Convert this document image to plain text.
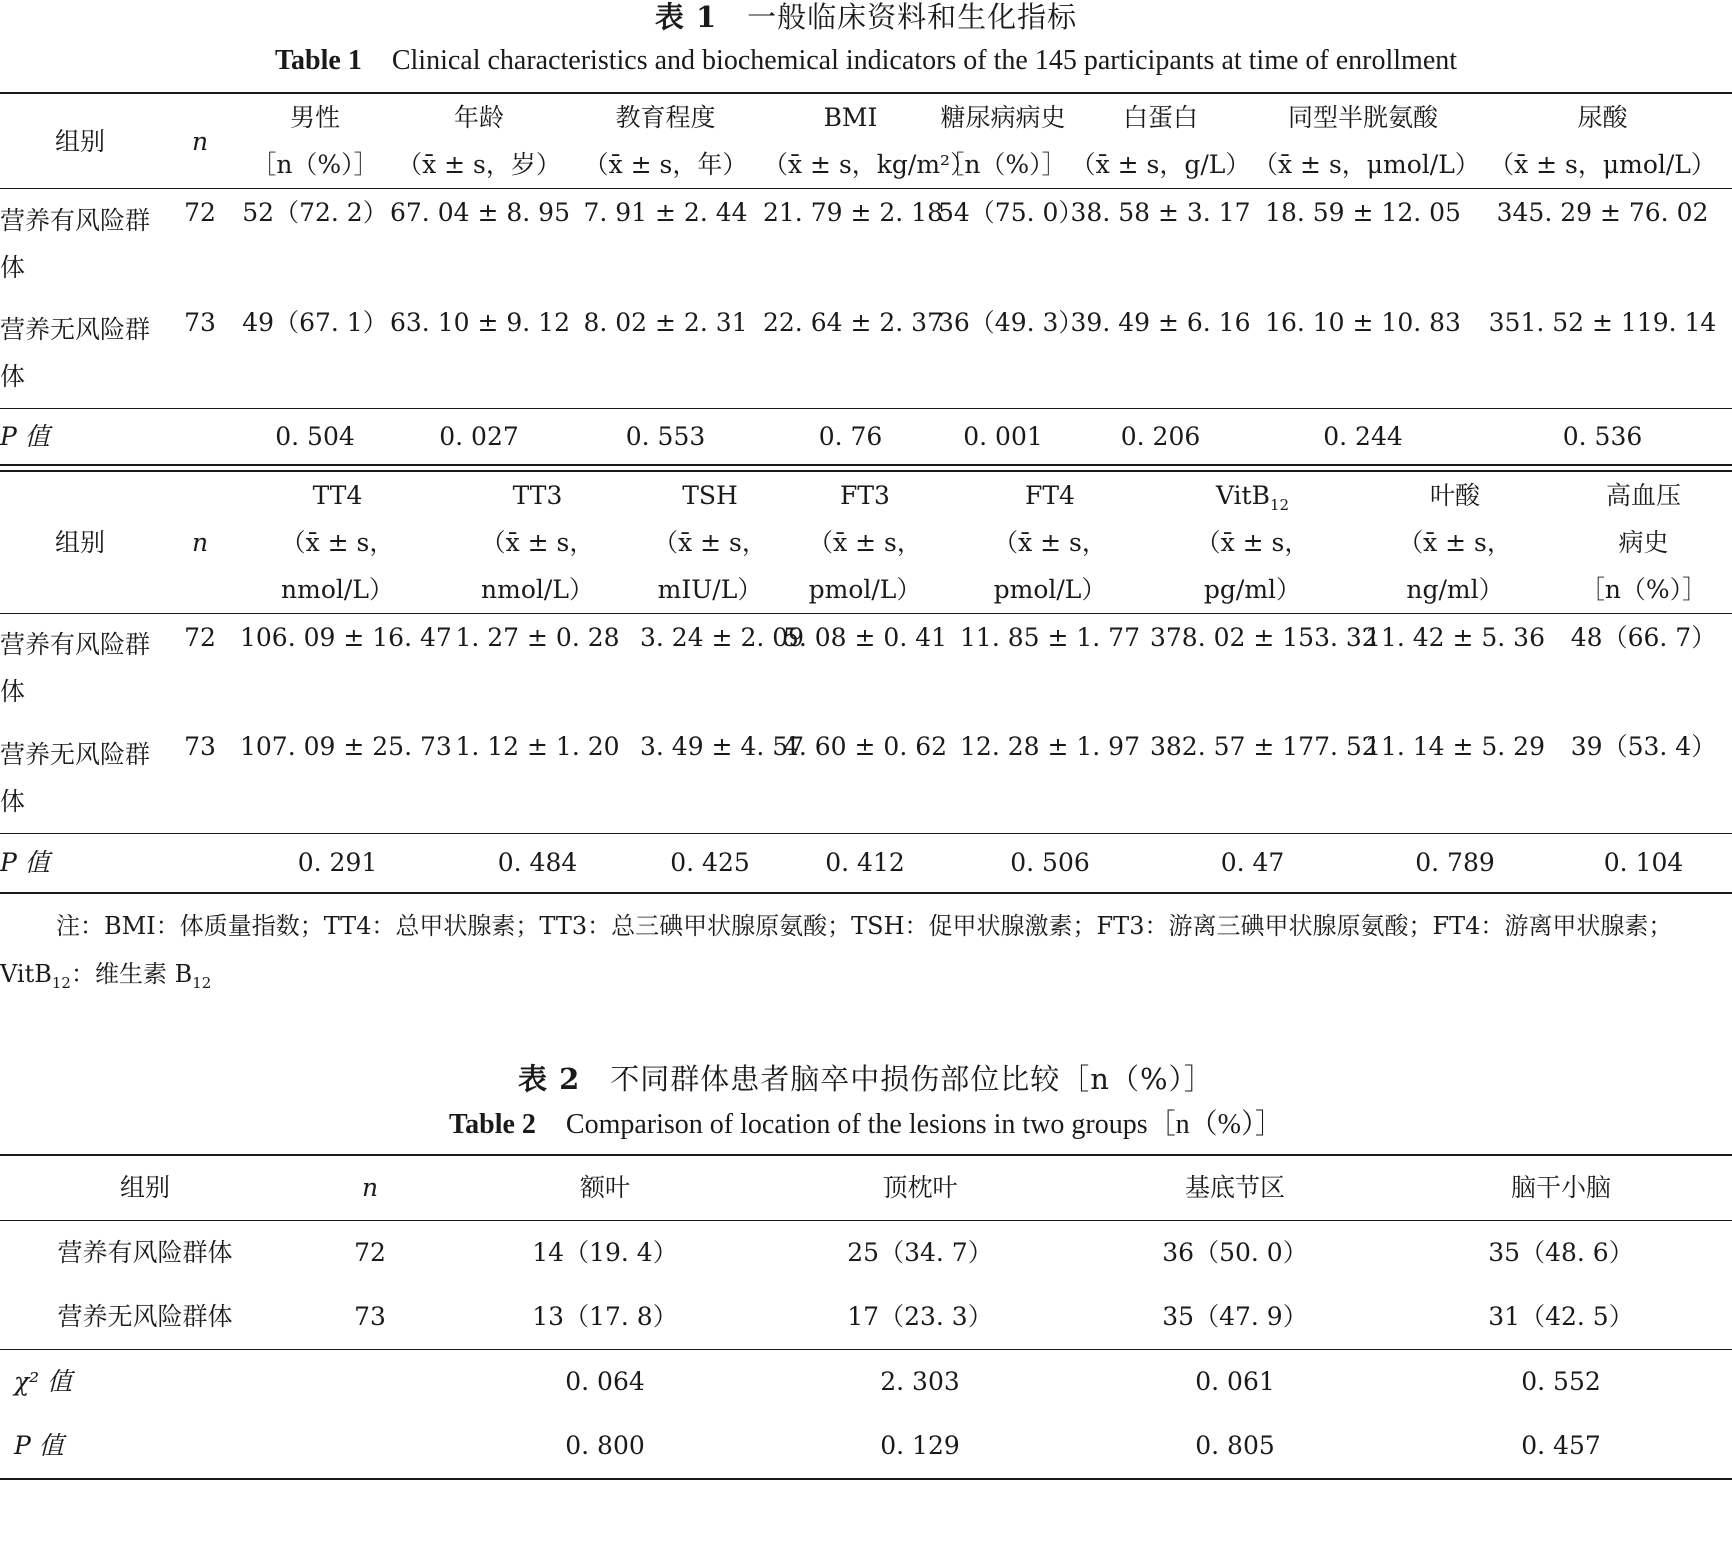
表 1 一般临床资料和生化指标
Table 1 Clinical characteristics and biochemical indicators of the 145 participants at time of enrollment
组别	n	男性	年龄	教育程度	BMI	糖尿病病史	白蛋白	同型半胱氨酸	尿酸
		［n（%）］	（x̄ ± s，岁）	（x̄ ± s，年）	（x̄ ± s，kg/m²）	［n（%）］	（x̄ ± s，g/L）	（x̄ ± s，μmol/L）	（x̄ ± s，μmol/L）
营养有风险群体	72	52（72. 2）	67. 04 ± 8. 95	7. 91 ± 2. 44	21. 79 ± 2. 18	54（75. 0）	38. 58 ± 3. 17	18. 59 ± 12. 05	345. 29 ± 76. 02
营养无风险群体	73	49（67. 1）	63. 10 ± 9. 12	8. 02 ± 2. 31	22. 64 ± 2. 37	36（49. 3）	39. 49 ± 6. 16	16. 10 ± 10. 83	351. 52 ± 119. 14
P 值		0. 504	0. 027	0. 553	0. 76	0. 001	0. 206	0. 244	0. 536
组别	n	TT4	TT3	TSH	FT3	FT4	VitB$_{12}$	叶酸	高血压
		（x̄ ± s，	（x̄ ± s，	（x̄ ± s，	（x̄ ± s，	（x̄ ± s，	（x̄ ± s，	（x̄ ± s，	病史
		nmol/L）	nmol/L）	mIU/L）	pmol/L）	pmol/L）	pg/ml）	ng/ml）	［n（%）］
营养有风险群体	72	106. 09 ± 16. 47	1. 27 ± 0. 28	3. 24 ± 2. 09	5. 08 ± 0. 41	11. 85 ± 1. 77	378. 02 ± 153. 32	11. 42 ± 5. 36	48（66. 7）
营养无风险群体	73	107. 09 ± 25. 73	1. 12 ± 1. 20	3. 49 ± 4. 57	4. 60 ± 0. 62	12. 28 ± 1. 97	382. 57 ± 177. 52	11. 14 ± 5. 29	39（53. 4）
P 值		0. 291	0. 484	0. 425	0. 412	0. 506	0. 47	0. 789	0. 104
注：BMI：体质量指数；TT4：总甲状腺素；TT3：总三碘甲状腺原氨酸；TSH：促甲状腺激素；FT3：游离三碘甲状腺原氨酸；FT4：游离甲状腺素；VitB$_{12}$：维生素 $B_{12}$
表 2 不同群体患者脑卒中损伤部位比较［n（%）］
Table 2 Comparison of location of the lesions in two groups［n（%）］
组别	n	额叶	顶枕叶	基底节区	脑干小脑
营养有风险群体	72	14（19. 4）	25（34. 7）	36（50. 0）	35（48. 6）
营养无风险群体	73	13（17. 8）	17（23. 3）	35（47. 9）	31（42. 5）
χ² 值		0. 064	2. 303	0. 061	0. 552
P 值		0. 800	0. 129	0. 805	0. 457
